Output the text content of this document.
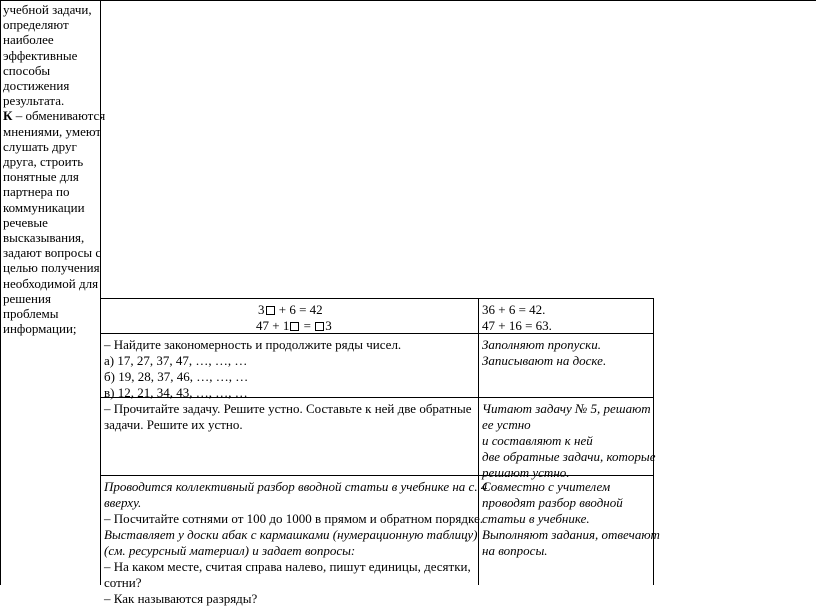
учебной задачи,
определяют
наиболее
эффективные
способы
достижения
результата.
К – обмениваются
мнениями, умеют
слушать друг
друга, строить
понятные для
партнера по
коммуникации
речевые
высказывания,
задают вопросы с
целью получения
необходимой для
решения
проблемы
информации;
3 + 6 = 42
47 + 1 = 3
36 + 6 = 42.
47 + 16 = 63.
– Найдите закономерность и продолжите ряды чисел.
а) 17, 27, 37, 47, …, …, …
б) 19, 28, 37, 46, …, …, …
в) 12, 21, 34, 43, …, …, …
Заполняют пропуски.
Записывают на доске.
– Прочитайте задачу. Решите устно. Составьте к ней две обратные
задачи. Решите их устно.
Читают задачу № 5, решают
ее устно
и составляют к ней
две обратные задачи, которые
решают устно.
Проводится коллективный разбор вводной статьи в учебнике на с. 4
вверху.
– Посчитайте сотнями от 100 до 1000 в прямом и обратном порядке.
Выставляет у доски абак с кармашками (нумерационную таблицу)
(см. ресурсный материал) и задает вопросы:
– На каком месте, считая справа налево, пишут единицы, десятки,
сотни?
– Как называются разряды?
Совместно с учителем
проводят разбор вводной
статьи в учебнике.
Выполняют задания, отвечают
на вопросы.
